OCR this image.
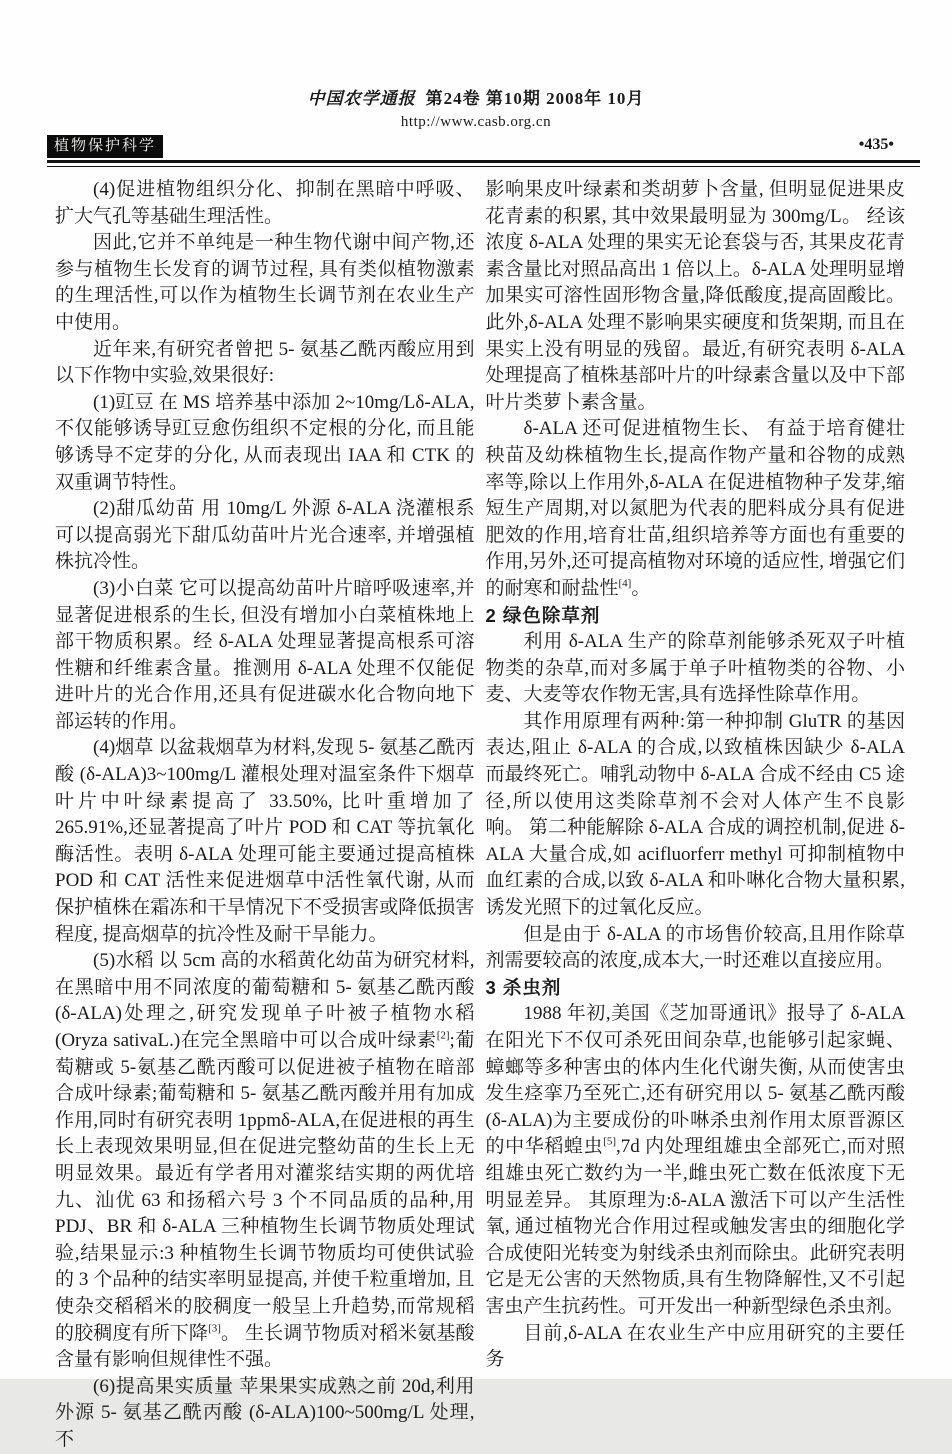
中国农学通报 第24卷 第10期 2008年 10月
http://www.casb.org.cn
植物保护科学	•435•

(4)促进植物组织分化、抑制在黑暗中呼吸、扩大气孔等基础生理活性。

因此,它并不单纯是一种生物代谢中间产物,还参与植物生长发育的调节过程, 具有类似植物激素的生理活性,可以作为植物生长调节剂在农业生产中使用。

近年来,有研究者曾把 5- 氨基乙酰丙酸应用到以下作物中实验,效果很好:

(1)豇豆 在 MS 培养基中添加 2~10mg/Lδ-ALA,不仅能够诱导豇豆愈伤组织不定根的分化, 而且能够诱导不定芽的分化, 从而表现出 IAA 和 CTK 的双重调节特性。

(2)甜瓜幼苗 用 10mg/L 外源 δ-ALA 浇灌根系可以提高弱光下甜瓜幼苗叶片光合速率, 并增强植株抗冷性。

(3)小白菜 它可以提高幼苗叶片暗呼吸速率,并显著促进根系的生长, 但没有增加小白菜植株地上部干物质积累。经 δ-ALA 处理显著提高根系可溶性糖和纤维素含量。推测用 δ-ALA 处理不仅能促进叶片的光合作用,还具有促进碳水化合物向地下部运转的作用。

(4)烟草 以盆栽烟草为材料,发现 5- 氨基乙酰丙酸 (δ-ALA)3~100mg/L 灌根处理对温室条件下烟草叶片中叶绿素提高了 33.50%, 比叶重增加了 265.91%,还显著提高了叶片 POD 和 CAT 等抗氧化酶活性。表明 δ-ALA 处理可能主要通过提高植株 POD 和 CAT 活性来促进烟草中活性氧代谢, 从而保护植株在霜冻和干旱情况下不受损害或降低损害程度, 提高烟草的抗冷性及耐干旱能力。

(5)水稻 以 5cm 高的水稻黄化幼苗为研究材料,在黑暗中用不同浓度的葡萄糖和 5- 氨基乙酰丙酸(δ-ALA)处理之,研究发现单子叶被子植物水稻(Oryza sativaL.)在完全黑暗中可以合成叶绿素[2];葡萄糖或 5-氨基乙酰丙酸可以促进被子植物在暗部合成叶绿素;葡萄糖和 5- 氨基乙酰丙酸并用有加成作用,同时有研究表明 1ppmδ-ALA,在促进根的再生长上表现效果明显,但在促进完整幼苗的生长上无明显效果。最近有学者用对灌浆结实期的两优培九、汕优 63 和扬稻六号 3 个不同品质的品种,用 PDJ、BR 和 δ-ALA 三种植物生长调节物质处理试验,结果显示:3 种植物生长调节物质均可使供试验的 3 个品种的结实率明显提高, 并使千粒重增加, 且使杂交稻稻米的胶稠度一般呈上升趋势,而常规稻的胶稠度有所下降[3]。 生长调节物质对稻米氨基酸含量有影响但规律性不强。

(6)提高果实质量 苹果果实成熟之前 20d,利用外源 5- 氨基乙酰丙酸 (δ-ALA)100~500mg/L 处理,不

影响果皮叶绿素和类胡萝卜含量, 但明显促进果皮花青素的积累, 其中效果最明显为 300mg/L。 经该浓度 δ-ALA 处理的果实无论套袋与否, 其果皮花青素含量比对照品高出 1 倍以上。δ-ALA 处理明显增加果实可溶性固形物含量,降低酸度,提高固酸比。此外,δ-ALA 处理不影响果实硬度和货架期, 而且在果实上没有明显的残留。最近,有研究表明 δ-ALA 处理提高了植株基部叶片的叶绿素含量以及中下部叶片类萝卜素含量。

δ-ALA 还可促进植物生长、 有益于培育健壮秧苗及幼株植物生长,提高作物产量和谷物的成熟率等,除以上作用外,δ-ALA 在促进植物种子发芽,缩短生产周期,对以氮肥为代表的肥料成分具有促进肥效的作用,培育壮苗,组织培养等方面也有重要的作用,另外,还可提高植物对环境的适应性, 增强它们的耐寒和耐盐性[4]。

2 绿色除草剂

利用 δ-ALA 生产的除草剂能够杀死双子叶植物类的杂草,而对多属于单子叶植物类的谷物、小麦、大麦等农作物无害,具有选择性除草作用。

其作用原理有两种:第一种抑制 GluTR 的基因表达,阻止 δ-ALA 的合成,以致植株因缺少 δ-ALA 而最终死亡。哺乳动物中 δ-ALA 合成不经由 C5 途径,所以使用这类除草剂不会对人体产生不良影响。 第二种能解除 δ-ALA 合成的调控机制,促进 δ-ALA 大量合成,如 acifluorferr methyl 可抑制植物中血红素的合成,以致 δ-ALA 和卟啉化合物大量积累,诱发光照下的过氧化反应。

但是由于 δ-ALA 的市场售价较高,且用作除草剂需要较高的浓度,成本大,一时还难以直接应用。

3 杀虫剂

1988 年初,美国《芝加哥通讯》报导了 δ-ALA 在阳光下不仅可杀死田间杂草,也能够引起家蝇、蟑螂等多种害虫的体内生化代谢失衡, 从而使害虫发生痉挛乃至死亡,还有研究用以 5- 氨基乙酰丙酸(δ-ALA)为主要成份的卟啉杀虫剂作用太原晋源区的中华稻蝗虫[5],7d 内处理组雄虫全部死亡,而对照组雄虫死亡数约为一半,雌虫死亡数在低浓度下无明显差异。 其原理为:δ-ALA 激活下可以产生活性氧, 通过植物光合作用过程或触发害虫的细胞化学合成使阳光转变为射线杀虫剂而除虫。此研究表明它是无公害的天然物质,具有生物降解性,又不引起害虫产生抗药性。可开发出一种新型绿色杀虫剂。

目前,δ-ALA 在农业生产中应用研究的主要任务
